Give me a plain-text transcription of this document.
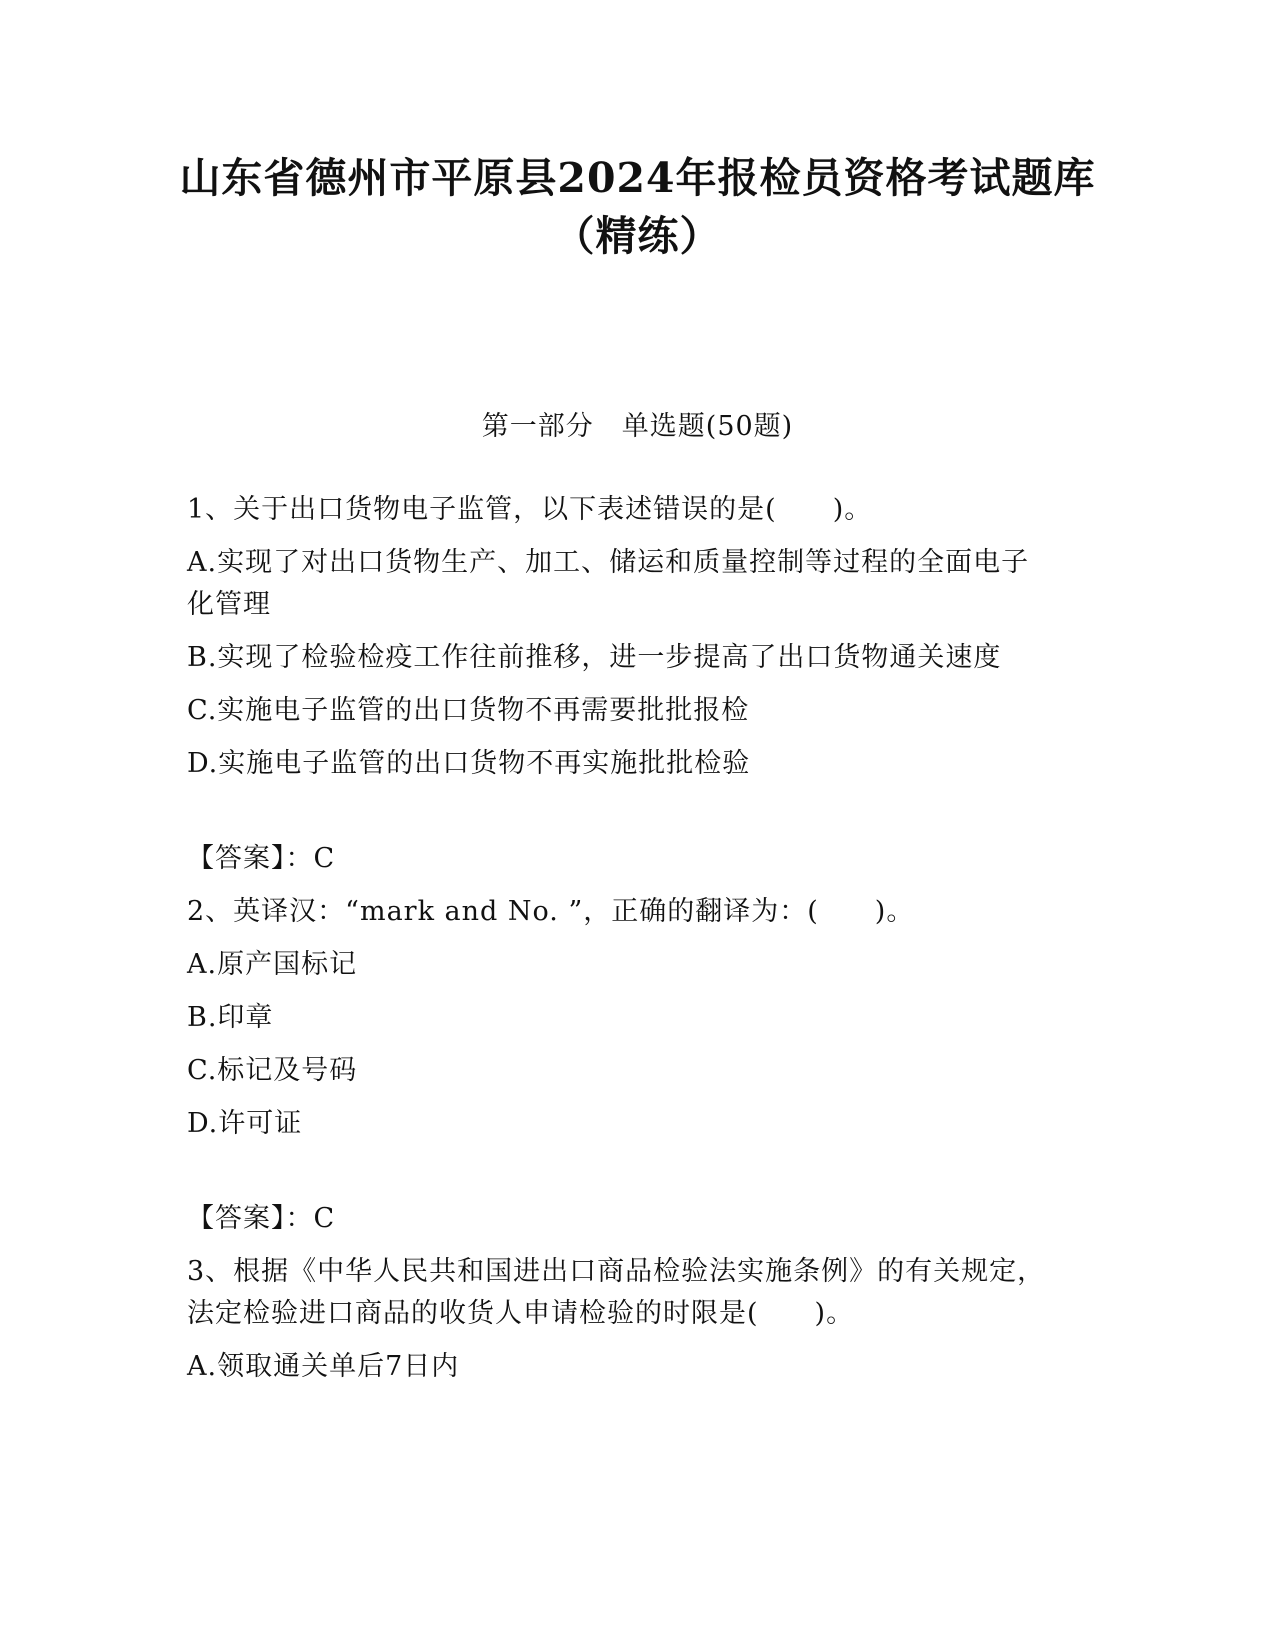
山东省德州市平原县2024年报检员资格考试题库
（精练）
第一部分　单选题(50题)
1、关于出口货物电子监管，以下表述错误的是(　　)。
A.实现了对出口货物生产、加工、储运和质量控制等过程的全面电子
化管理
B.实现了检验检疫工作往前推移，进一步提高了出口货物通关速度
C.实施电子监管的出口货物不再需要批批报检
D.实施电子监管的出口货物不再实施批批检验
【答案】：C
2、英译汉：“mark and No. ”，正确的翻译为：(　　)。
A.原产国标记
B.印章
C.标记及号码
D.许可证
【答案】：C
3、根据《中华人民共和国进出口商品检验法实施条例》的有关规定，
法定检验进口商品的收货人申请检验的时限是(　　)。
A.领取通关单后7日内
